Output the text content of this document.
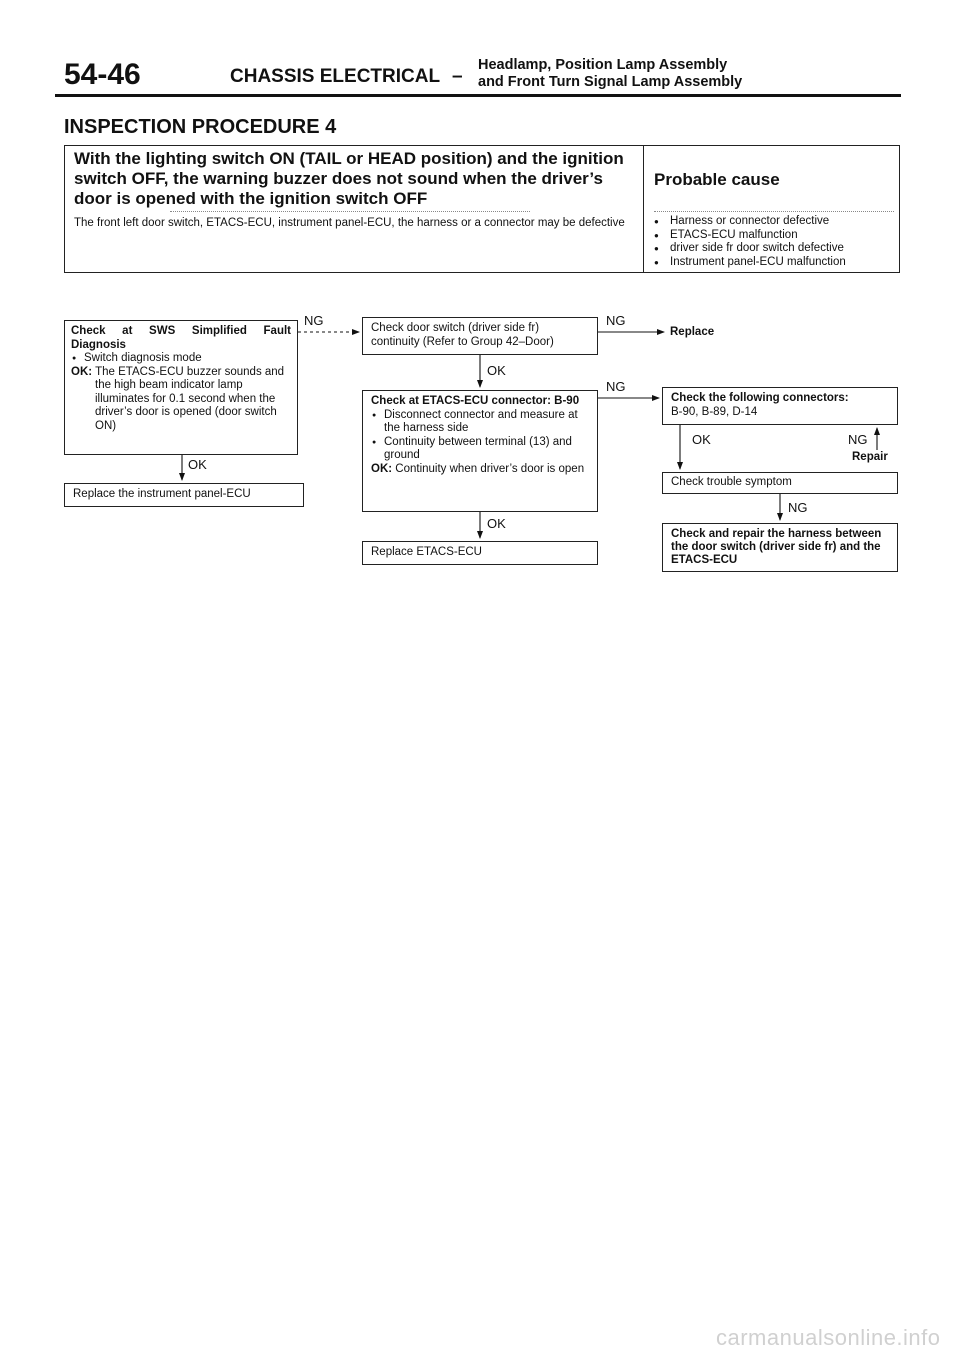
54-46	CHASSIS ELECTRICAL –
Headlamp, Position Lamp Assembly
and Front Turn Signal Lamp Assembly
INSPECTION PROCEDURE 4
With the lighting switch ON (TAIL or HEAD position) and the ignition switch OFF, the warning buzzer does not sound when the driver’s door is opened with the ignition switch OFF
Probable cause
The front left door switch, ETACS-ECU, instrument panel-ECU, the harness or a connector may be defective
●	Harness or connector defective
● ETACS-ECU malfunction
● driver side fr door switch defective
● Instrument panel-ECU malfunction
NG
OK
NG
OK
NG
OK
OK	NG
NG
Replace
Repair
Check at SWS Simplified Fault Diagnosis
● Switch diagnosis mode
OK: The ETACS-ECU buzzer sounds and the high beam indicator lamp illuminates for 0.1 second when the driver’s door is opened (door switch ON)
Replace the instrument panel-ECU
Check door switch (driver side fr) continuity (Refer to Group 42–Door)
Check at ETACS-ECU connector: B-90
● Disconnect connector and measure at the harness side
● Continuity between terminal (13) and ground
OK: Continuity when driver’s door is open
Replace ETACS-ECU
Check the following connectors:
B-90, B-89, D-14
Check trouble symptom
Check and repair the harness between the door switch (driver side fr) and the ETACS-ECU
carmanualsonline.info
